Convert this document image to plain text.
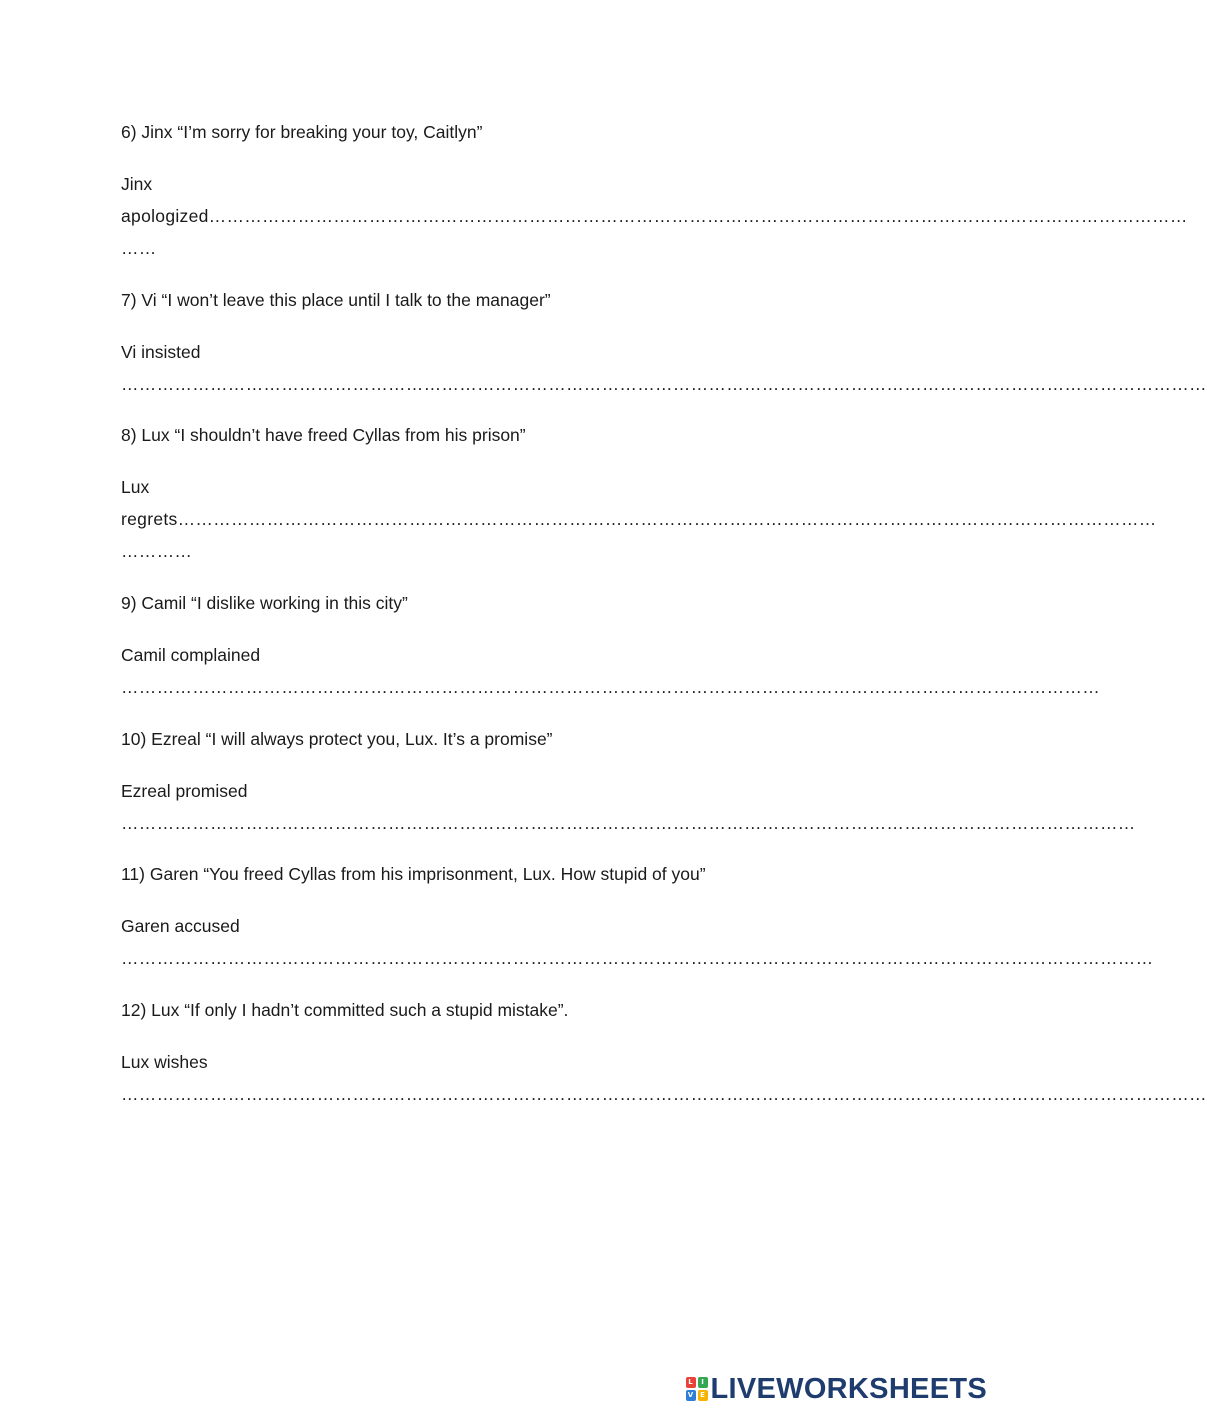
6) Jinx “I’m sorry for breaking your toy, Caitlyn”

Jinx

apologized…………………………………………………………………………………………………………………………………………………

……

7) Vi “I won’t leave this place until I talk to the manager”

Vi insisted

…………………………………………………………………………………………………………………………………………………………………

8) Lux “I shouldn’t have freed Cyllas from his prison”

Lux

regrets…………………………………………………………………………………………………………………………………………………

…………

9) Camil “I dislike working in this city”

Camil complained

…………………………………………………………………………………………………………………………………………………

10) Ezreal “I will always protect you, Lux. It’s a promise”

Ezreal promised

………………………………………………………………………………………………………………………………………………………

11) Garen “You freed Cyllas from his imprisonment, Lux. How stupid of you”

Garen accused

…………………………………………………………………………………………………………………………………………………………

12) Lux “If only I hadn’t committed such a stupid mistake”.

Lux wishes

…………………………………………………………………………………………………………………………………………………………………

L	I
V E LIVEWORKSHEETS
